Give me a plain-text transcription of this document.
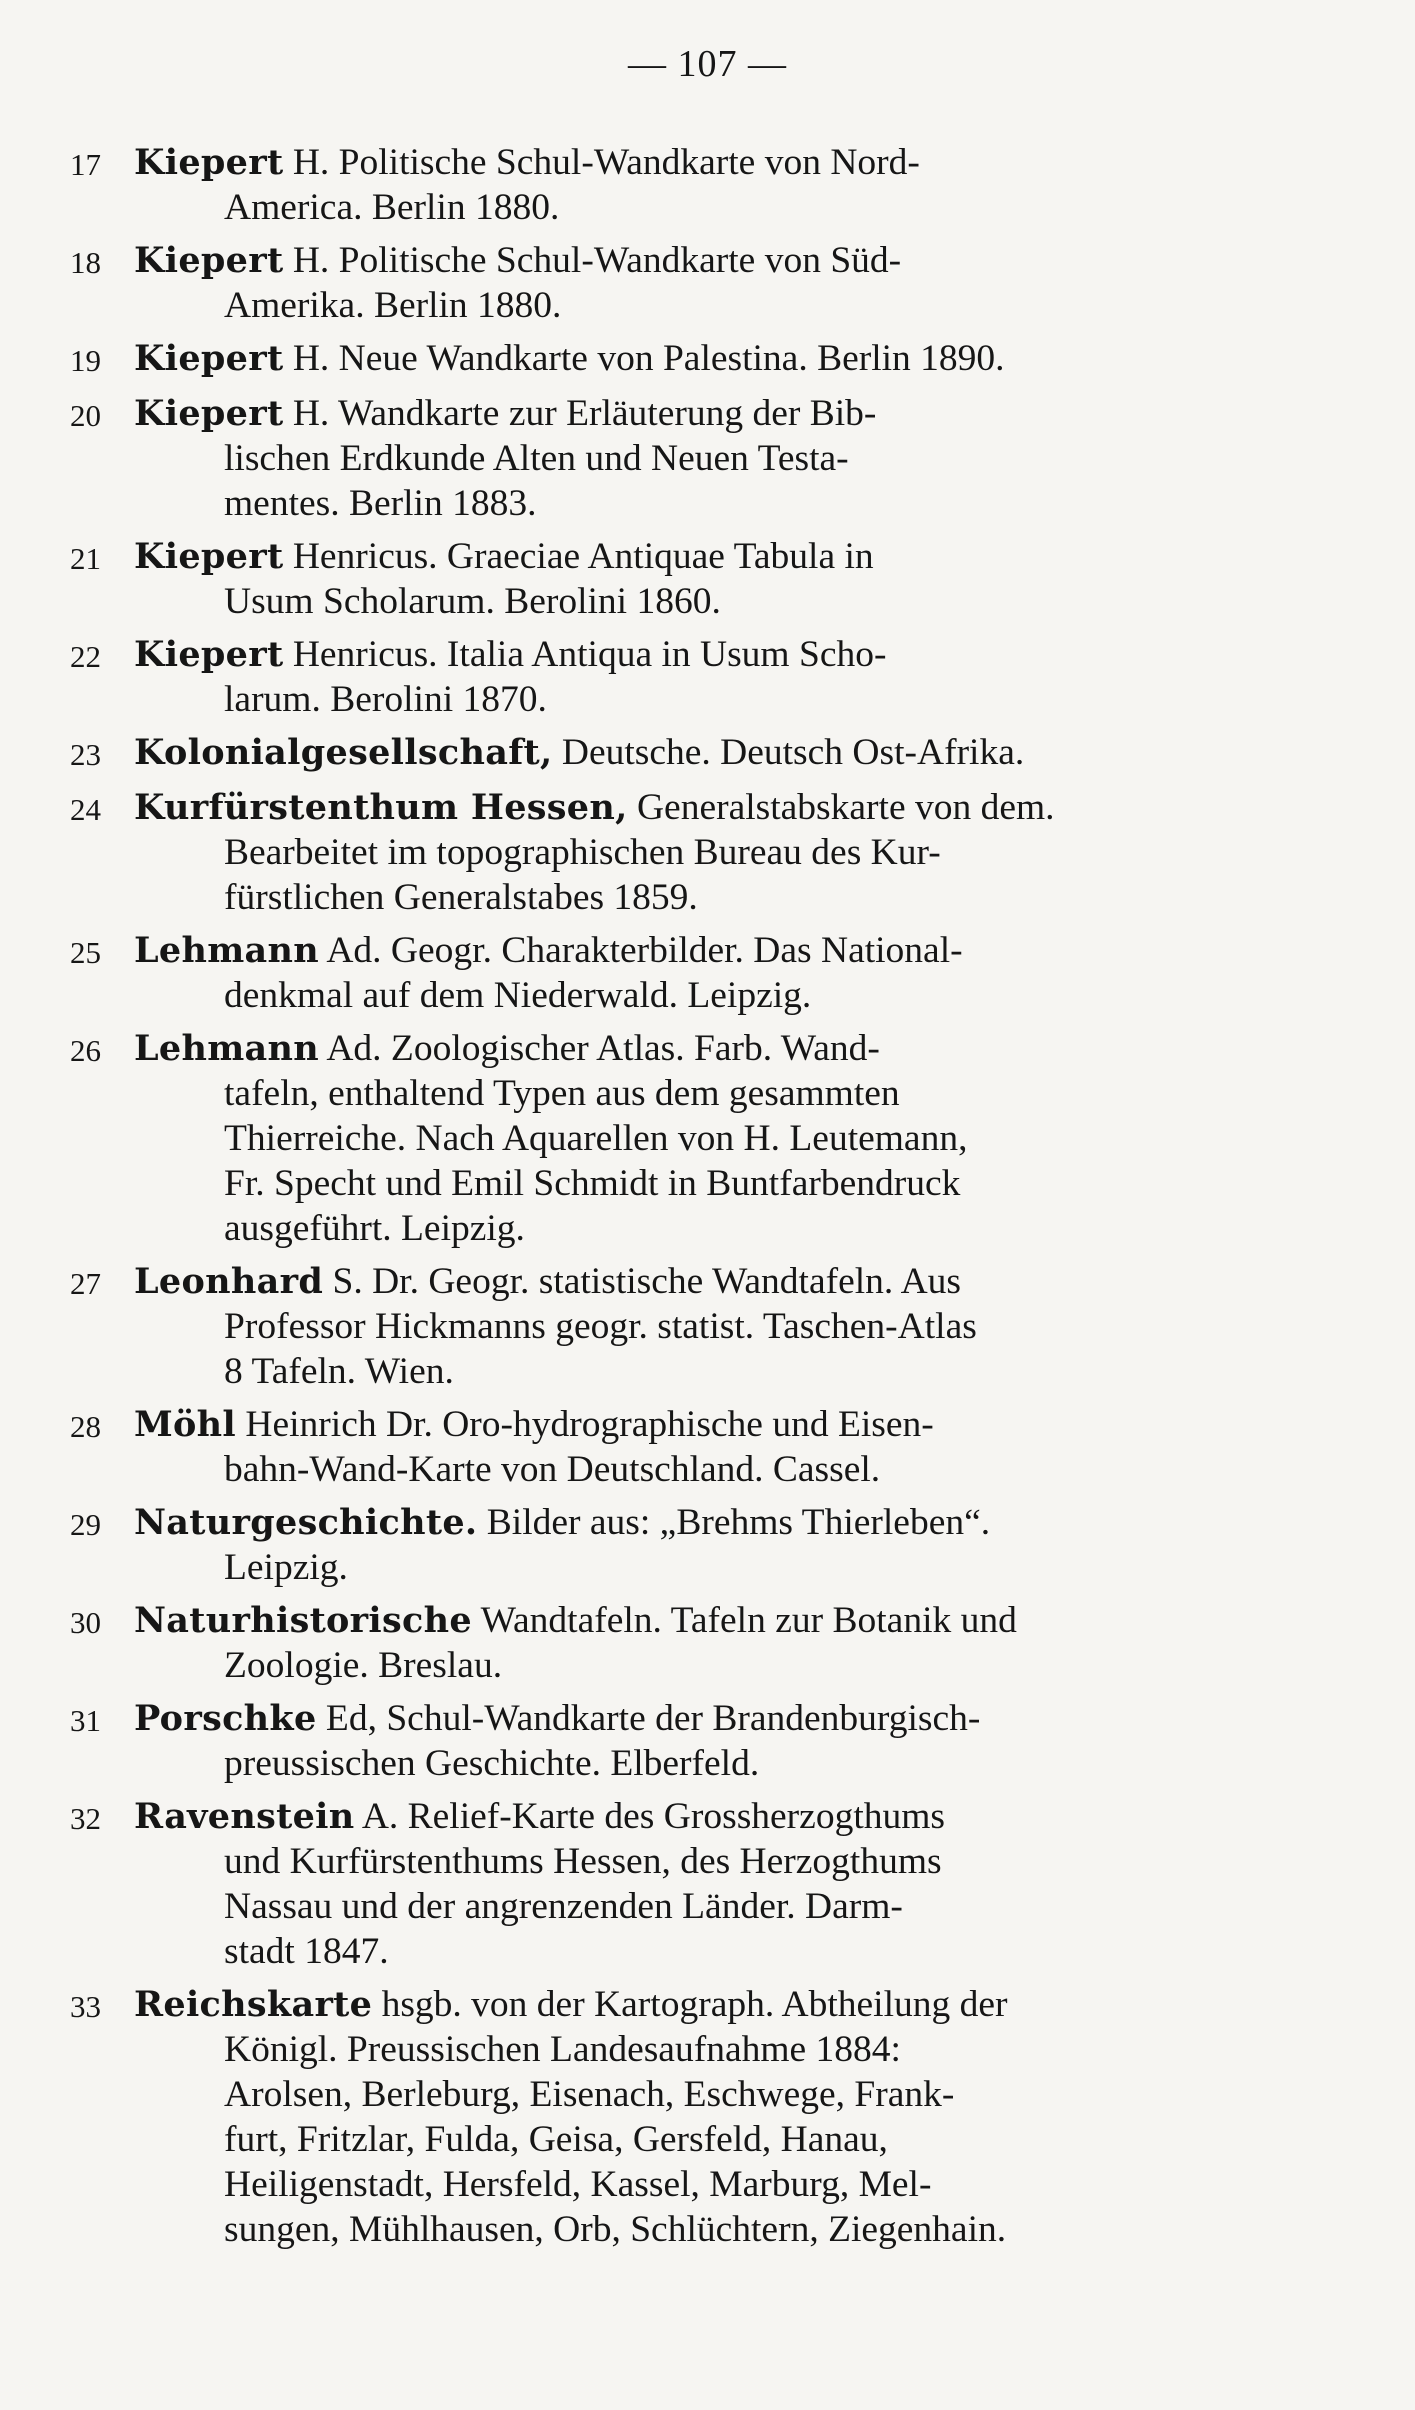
— 107 —
17 Kiepert H. Politische Schul-Wandkarte von Nord-
America. Berlin 1880.
18 Kiepert H. Politische Schul-Wandkarte von Süd-
Amerika. Berlin 1880.
19 Kiepert H. Neue Wandkarte von Palestina. Berlin 1890.
20 Kiepert H. Wandkarte zur Erläuterung der Bib-
lischen Erdkunde Alten und Neuen Testa-
mentes. Berlin 1883.
21 Kiepert Henricus. Graeciae Antiquae Tabula in
Usum Scholarum. Berolini 1860.
22 Kiepert Henricus. Italia Antiqua in Usum Scho-
larum. Berolini 1870.
23 Kolonialgesellschaft, Deutsche. Deutsch Ost-Afrika.
24 Kurfürstenthum Hessen, Generalstabskarte von dem.
Bearbeitet im topographischen Bureau des Kur-
fürstlichen Generalstabes 1859.
25 Lehmann Ad. Geogr. Charakterbilder. Das National-
denkmal auf dem Niederwald. Leipzig.
26 Lehmann Ad. Zoologischer Atlas. Farb. Wand-
tafeln, enthaltend Typen aus dem gesammten
Thierreiche. Nach Aquarellen von H. Leutemann,
Fr. Specht und Emil Schmidt in Buntfarbendruck
ausgeführt. Leipzig.
27 Leonhard S. Dr. Geogr. statistische Wandtafeln. Aus
Professor Hickmanns geogr. statist. Taschen-Atlas
8 Tafeln. Wien.
28 Möhl Heinrich Dr. Oro-hydrographische und Eisen-
bahn-Wand-Karte von Deutschland. Cassel.
29 Naturgeschichte. Bilder aus: „Brehms Thierleben“.
Leipzig.
30 Naturhistorische Wandtafeln. Tafeln zur Botanik und
Zoologie. Breslau.
31 Porschke Ed, Schul-Wandkarte der Brandenburgisch-
preussischen Geschichte. Elberfeld.
32 Ravenstein A. Relief-Karte des Grossherzogthums
und Kurfürstenthums Hessen, des Herzogthums
Nassau und der angrenzenden Länder. Darm-
stadt 1847.
33 Reichskarte hsgb. von der Kartograph. Abtheilung der
Königl. Preussischen Landesaufnahme 1884:
Arolsen, Berleburg, Eisenach, Eschwege, Frank-
furt, Fritzlar, Fulda, Geisa, Gersfeld, Hanau,
Heiligenstadt, Hersfeld, Kassel, Marburg, Mel-
sungen, Mühlhausen, Orb, Schlüchtern, Ziegenhain.
